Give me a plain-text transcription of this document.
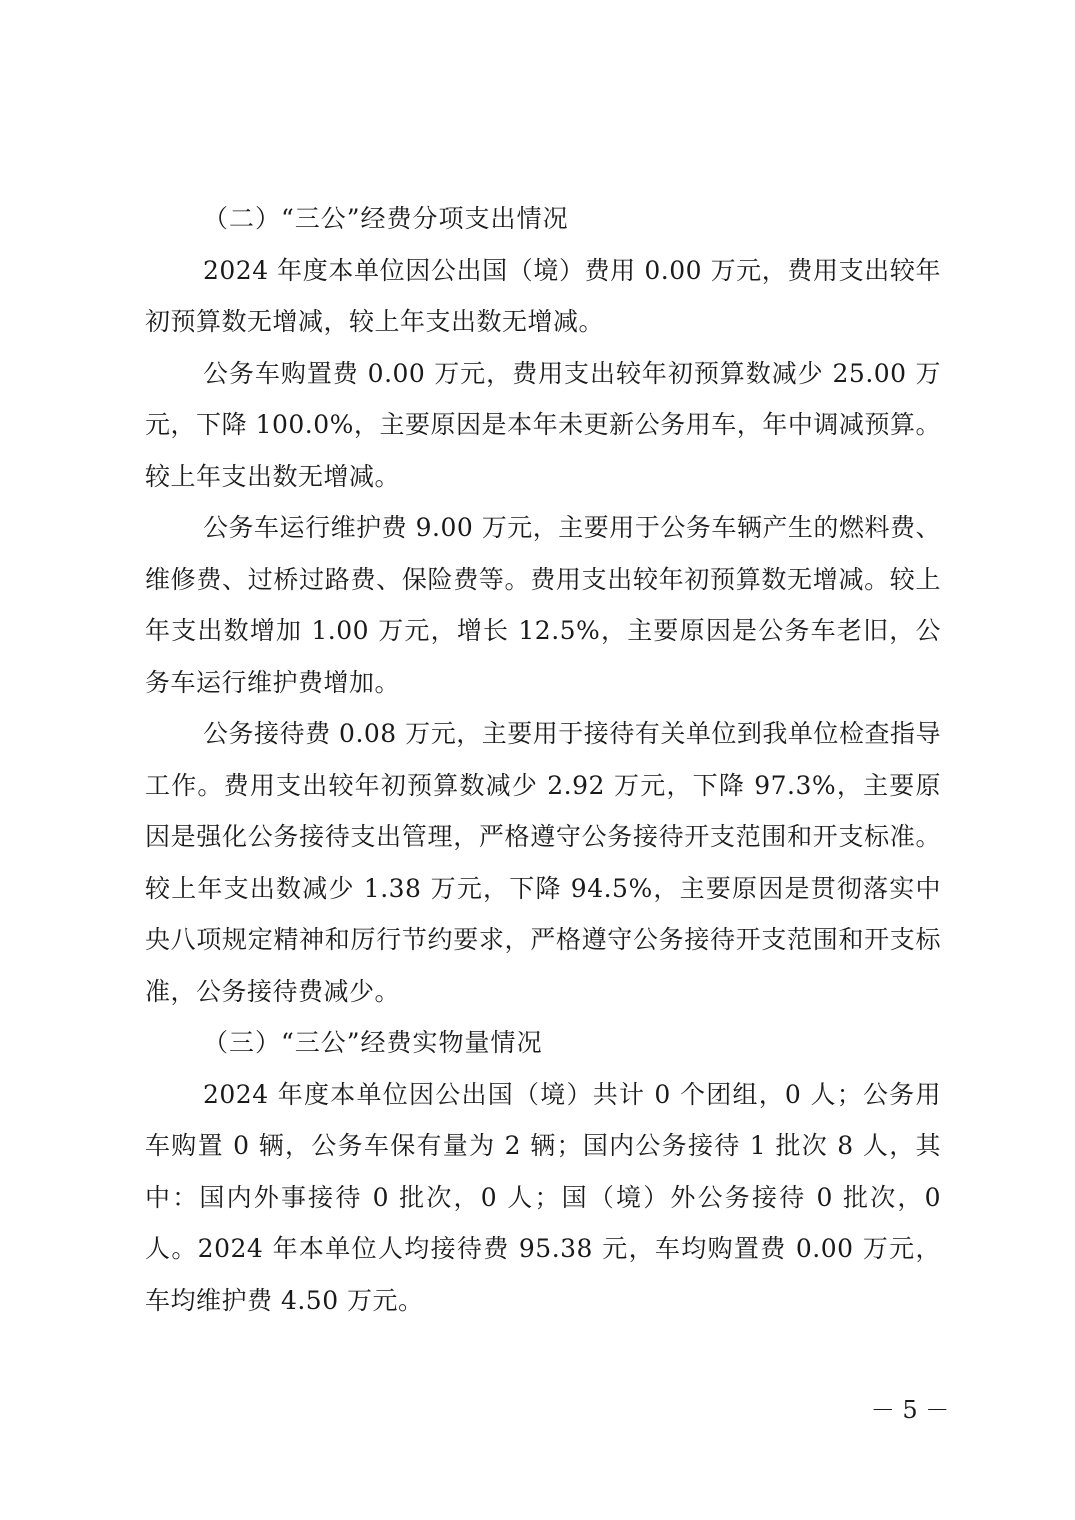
（二）“三公”经费分项支出情况

2024 年度本单位因公出国（境）费用 0.00 万元，费用支出较年初预算数无增减，较上年支出数无增减。

公务车购置费 0.00 万元，费用支出较年初预算数减少 25.00 万元，下降 100.0%，主要原因是本年未更新公务用车，年中调减预算。较上年支出数无增减。

公务车运行维护费 9.00 万元，主要用于公务车辆产生的燃料费、维修费、过桥过路费、保险费等。费用支出较年初预算数无增减。较上年支出数增加 1.00 万元，增长 12.5%，主要原因是公务车老旧，公务车运行维护费增加。

公务接待费 0.08 万元，主要用于接待有关单位到我单位检查指导工作。费用支出较年初预算数减少 2.92 万元，下降 97.3%，主要原因是强化公务接待支出管理，严格遵守公务接待开支范围和开支标准。较上年支出数减少 1.38 万元，下降 94.5%，主要原因是贯彻落实中央八项规定精神和厉行节约要求，严格遵守公务接待开支范围和开支标准，公务接待费减少。

（三）“三公”经费实物量情况

2024 年度本单位因公出国（境）共计 0 个团组，0 人；公务用车购置 0 辆，公务车保有量为 2 辆；国内公务接待 1 批次 8 人，其中：国内外事接待 0 批次，0 人；国（境）外公务接待 0 批次，0 人。2024 年本单位人均接待费 95.38 元，车均购置费 0.00 万元，车均维护费 4.50 万元。

－ 5 －
